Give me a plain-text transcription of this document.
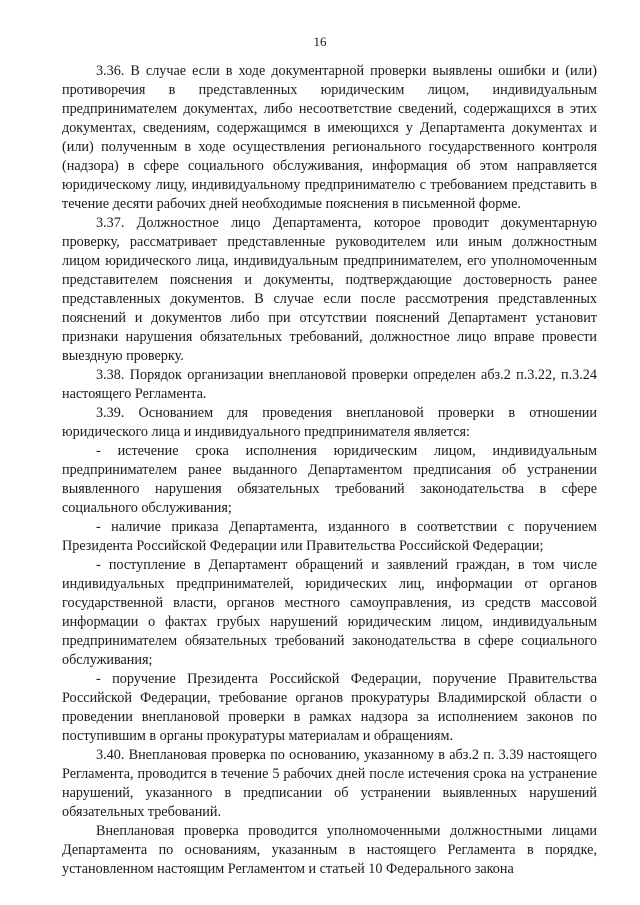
16

3.36. В случае если в ходе документарной проверки выявлены ошибки и (или) противоречия в представленных юридическим лицом, индивидуальным предпринимателем документах, либо несоответствие сведений, содержащихся в этих документах, сведениям, содержащимся в имеющихся у Департамента документах и (или) полученным в ходе осуществления регионального государственного контроля (надзора) в сфере социального обслуживания, информация об этом направляется юридическому лицу, индивидуальному предпринимателю с требованием представить в течение десяти рабочих дней необходимые пояснения в письменной форме.

3.37. Должностное лицо Департамента, которое проводит документарную проверку, рассматривает представленные руководителем или иным должностным лицом юридического лица, индивидуальным предпринимателем, его уполномоченным представителем пояснения и документы, подтверждающие достоверность ранее представленных документов. В случае если после рассмотрения представленных пояснений и документов либо при отсутствии пояснений Департамент установит признаки нарушения обязательных требований, должностное лицо вправе провести выездную проверку.

3.38. Порядок организации внеплановой проверки определен абз.2 п.3.22, п.3.24 настоящего Регламента.

3.39. Основанием для проведения внеплановой проверки в отношении юридического лица и индивидуального предпринимателя является:

- истечение срока исполнения юридическим лицом, индивидуальным предпринимателем ранее выданного Департаментом предписания об устранении выявленного нарушения обязательных требований законодательства в сфере социального обслуживания;

- наличие приказа Департамента, изданного в соответствии с поручением Президента Российской Федерации или Правительства Российской Федерации;

- поступление в Департамент обращений и заявлений граждан, в том числе индивидуальных предпринимателей, юридических лиц, информации от органов государственной власти, органов местного самоуправления, из средств массовой информации о фактах грубых нарушений юридическим лицом, индивидуальным предпринимателем обязательных требований законодательства в сфере социального обслуживания;

- поручение Президента Российской Федерации, поручение Правительства Российской Федерации, требование органов прокуратуры Владимирской области о проведении внеплановой проверки в рамках надзора за исполнением законов по поступившим в органы прокуратуры материалам и обращениям.

3.40. Внеплановая проверка по основанию, указанному в абз.2 п. 3.39 настоящего Регламента, проводится в течение 5 рабочих дней после истечения срока на устранение нарушений, указанного в предписании об устранении выявленных нарушений обязательных требований.

Внеплановая проверка проводится уполномоченными должностными лицами Департамента по основаниям, указанным в настоящего Регламента в порядке, установленном настоящим Регламентом и статьей 10 Федерального закона
